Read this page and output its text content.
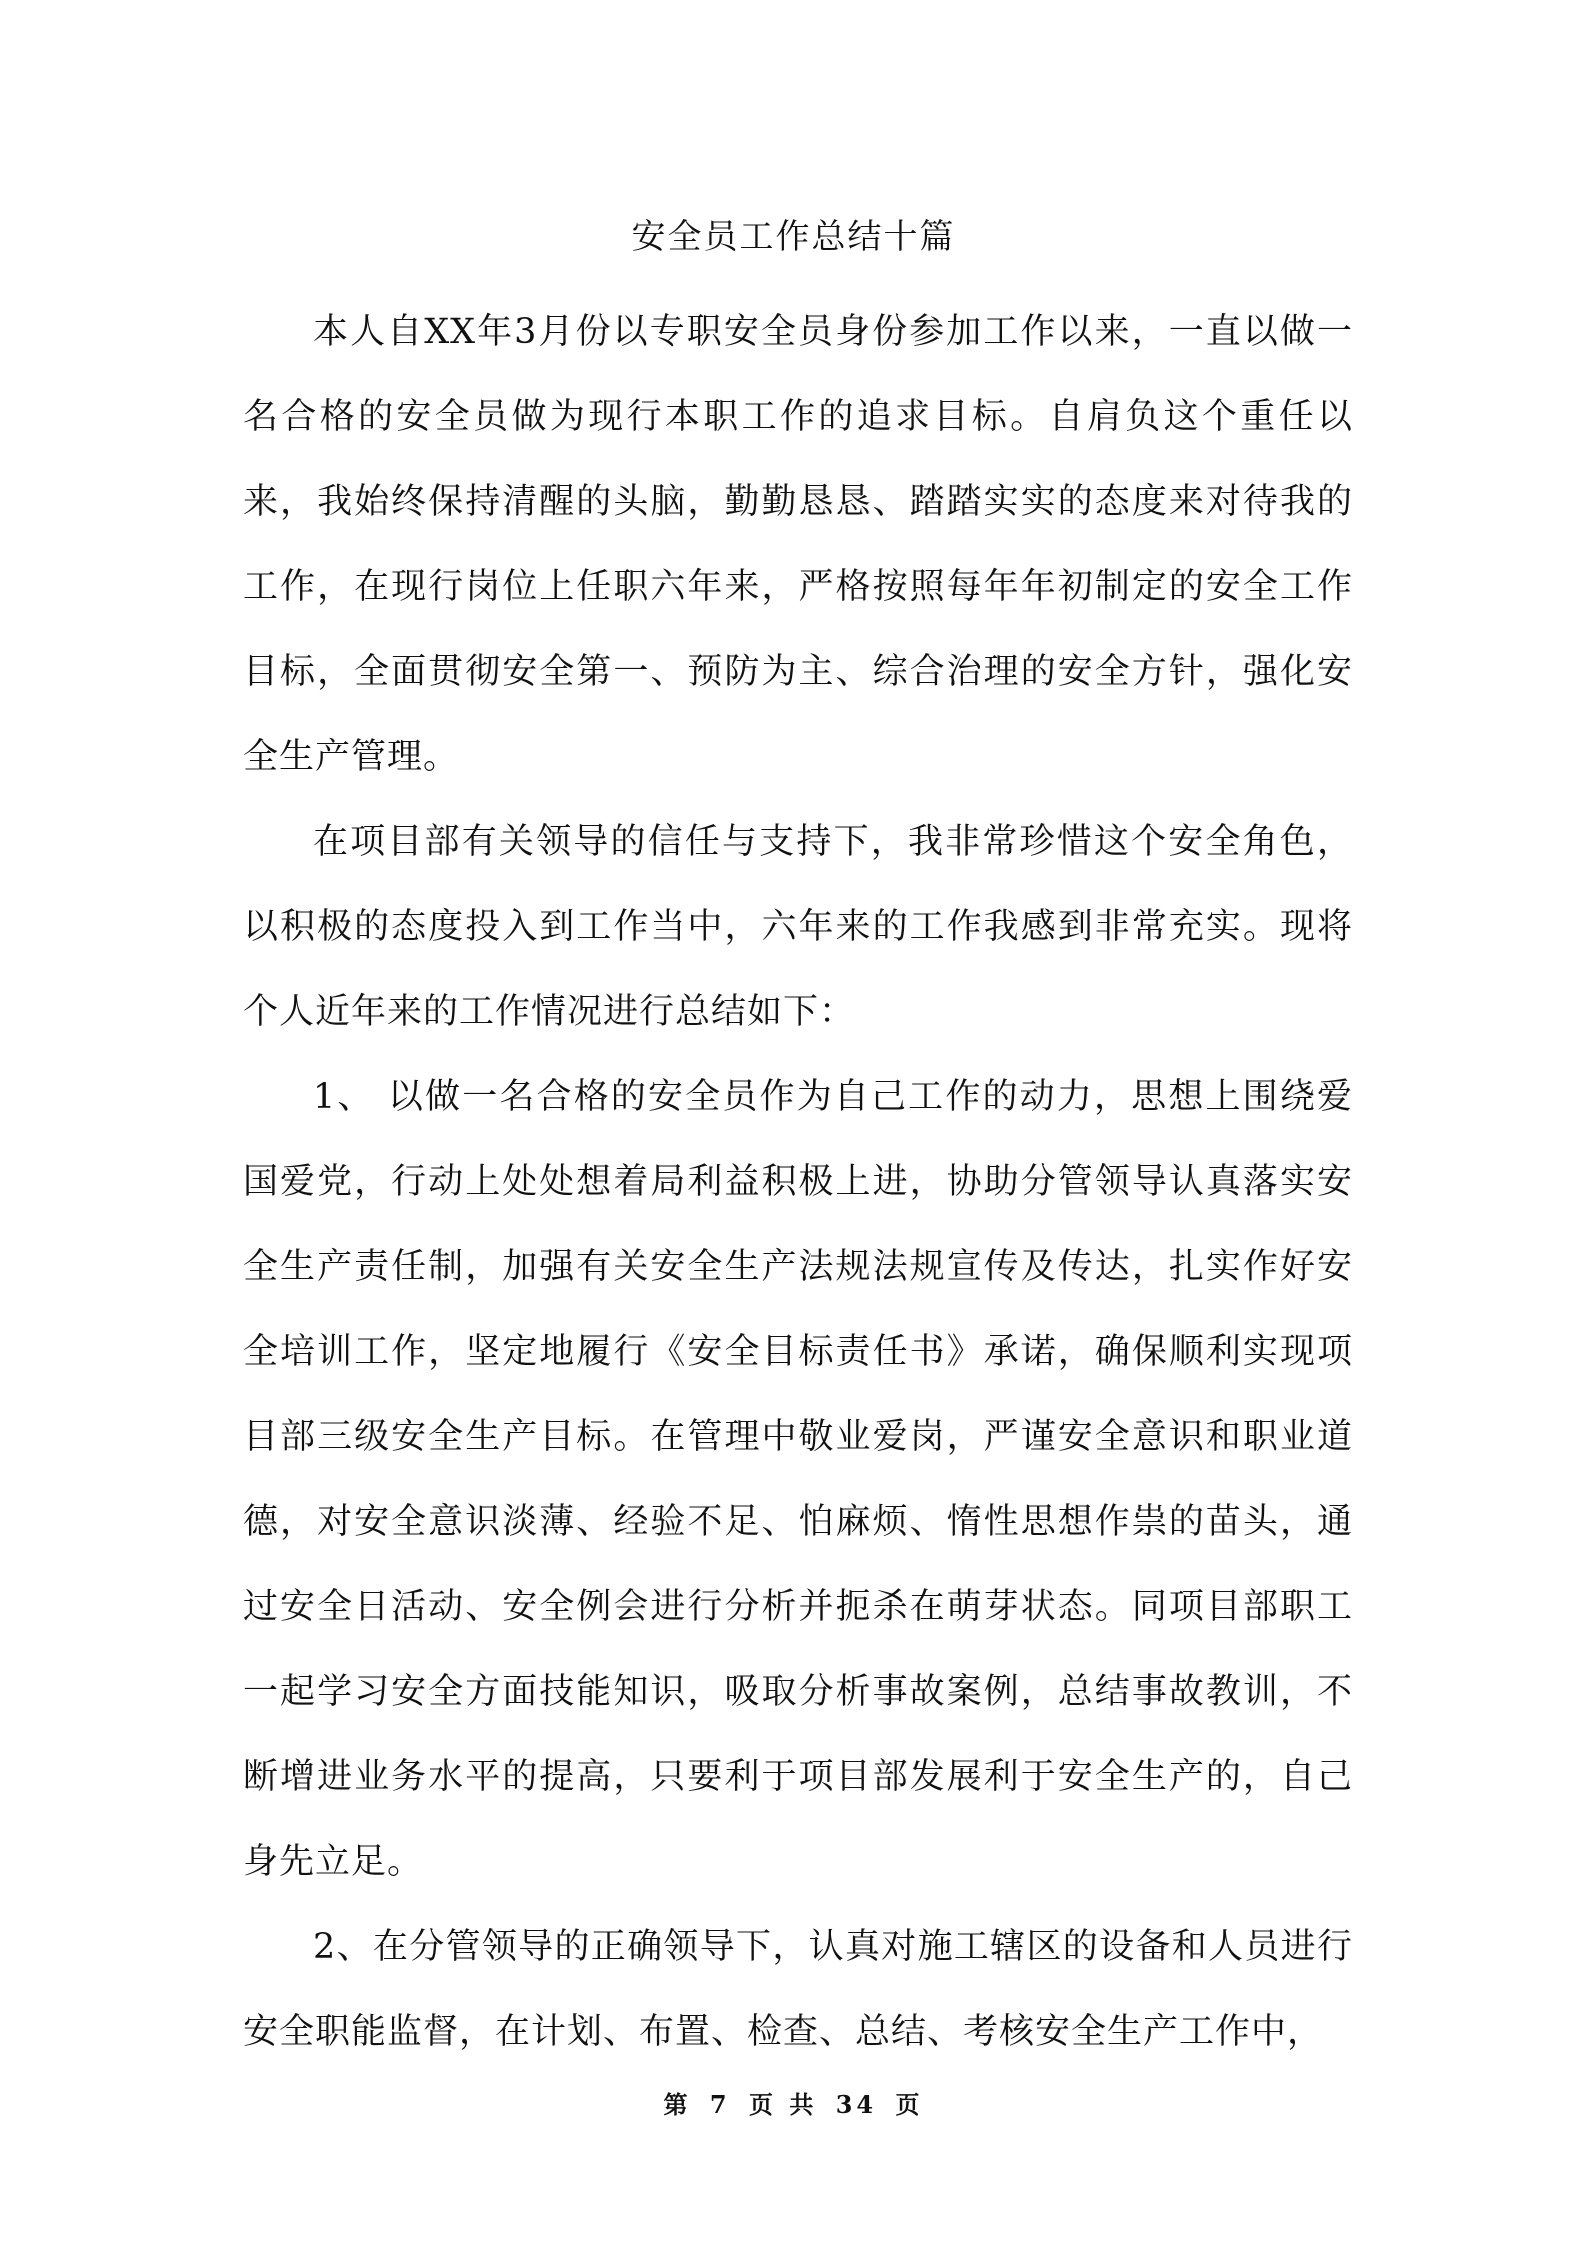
安全员工作总结十篇

本人自XX年3月份以专职安全员身份参加工作以来，一直以做一名合格的安全员做为现行本职工作的追求目标。自肩负这个重任以来，我始终保持清醒的头脑，勤勤恳恳、踏踏实实的态度来对待我的工作，在现行岗位上任职六年来，严格按照每年年初制定的安全工作目标，全面贯彻安全第一、预防为主、综合治理的安全方针，强化安全生产管理。

在项目部有关领导的信任与支持下，我非常珍惜这个安全角色，以积极的态度投入到工作当中，六年来的工作我感到非常充实。现将个人近年来的工作情况进行总结如下：

1、 以做一名合格的安全员作为自己工作的动力，思想上围绕爱国爱党，行动上处处想着局利益积极上进，协助分管领导认真落实安全生产责任制，加强有关安全生产法规法规宣传及传达，扎实作好安全培训工作，坚定地履行《安全目标责任书》承诺，确保顺利实现项目部三级安全生产目标。在管理中敬业爱岗，严谨安全意识和职业道德，对安全意识淡薄、经验不足、怕麻烦、惰性思想作祟的苗头，通过安全日活动、安全例会进行分析并扼杀在萌芽状态。同项目部职工一起学习安全方面技能知识，吸取分析事故案例，总结事故教训，不断增进业务水平的提高，只要利于项目部发展利于安全生产的，自己身先立足。

2、在分管领导的正确领导下，认真对施工辖区的设备和人员进行安全职能监督，在计划、布置、检查、总结、考核安全生产工作中，

第 7 页 共 34 页
